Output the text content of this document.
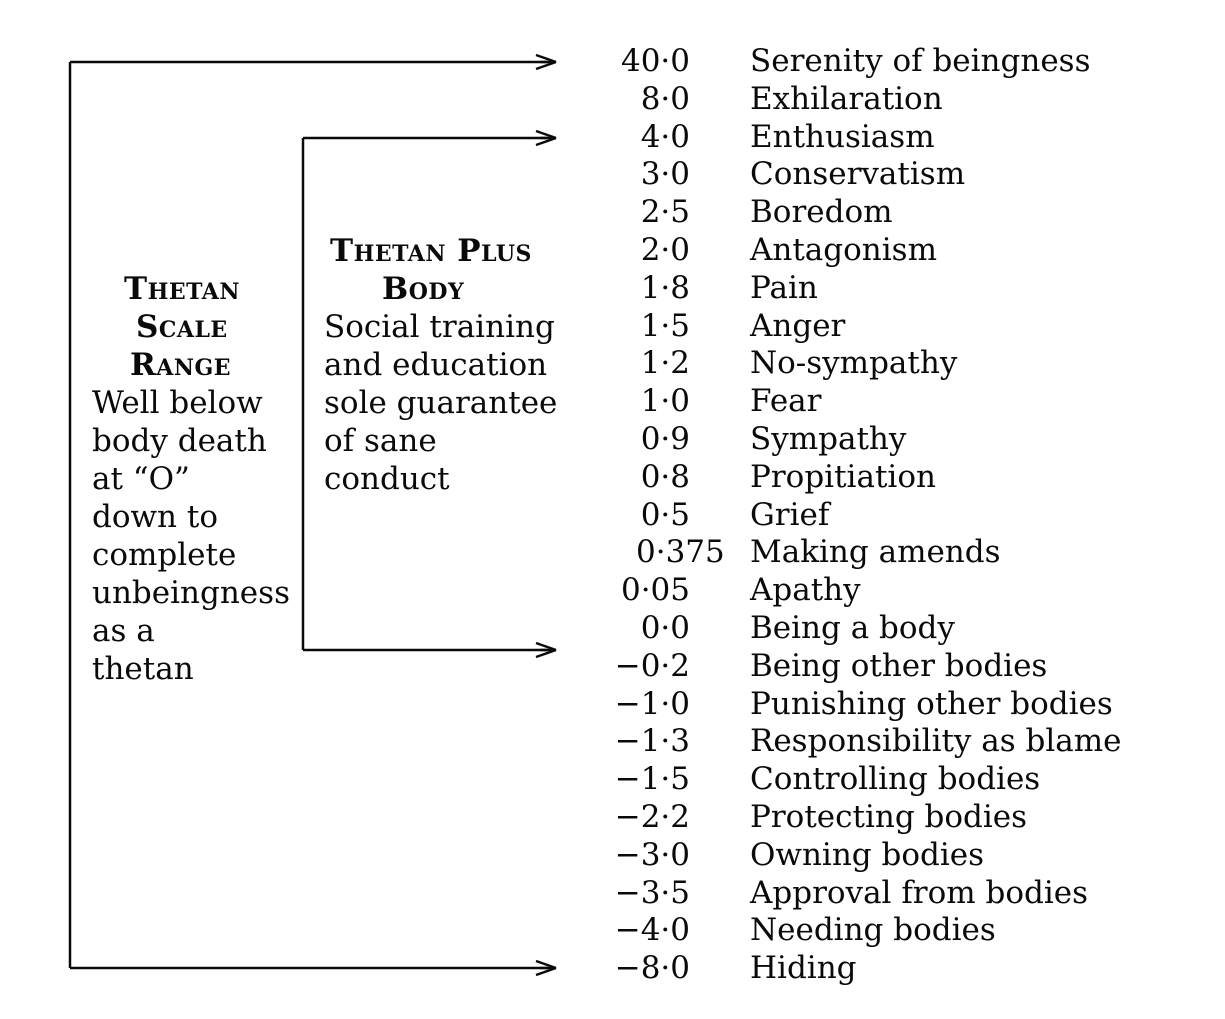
Thetan
Scale
Range
Well below
body death
at “O”
down to
complete
unbeingness
as a
thetan
Thetan Plus
Body
Social training
and education
sole guarantee
of sane
conduct
40·0 Serenity of beingness
8·0 Exhilaration
4·0 Enthusiasm
3·0 Conservatism
2·5 Boredom
2·0 Antagonism
1·8 Pain
1·5 Anger
1·2 No-sympathy
1·0 Fear
0·9 Sympathy
0·8 Propitiation
0·5 Grief
0·375 Making amends
0·05 Apathy
0·0 Being a body
−0·2 Being other bodies
−1·0 Punishing other bodies
−1·3 Responsibility as blame
−1·5 Controlling bodies
−2·2 Protecting bodies
−3·0 Owning bodies
−3·5 Approval from bodies
−4·0 Needing bodies
−8·0 Hiding
